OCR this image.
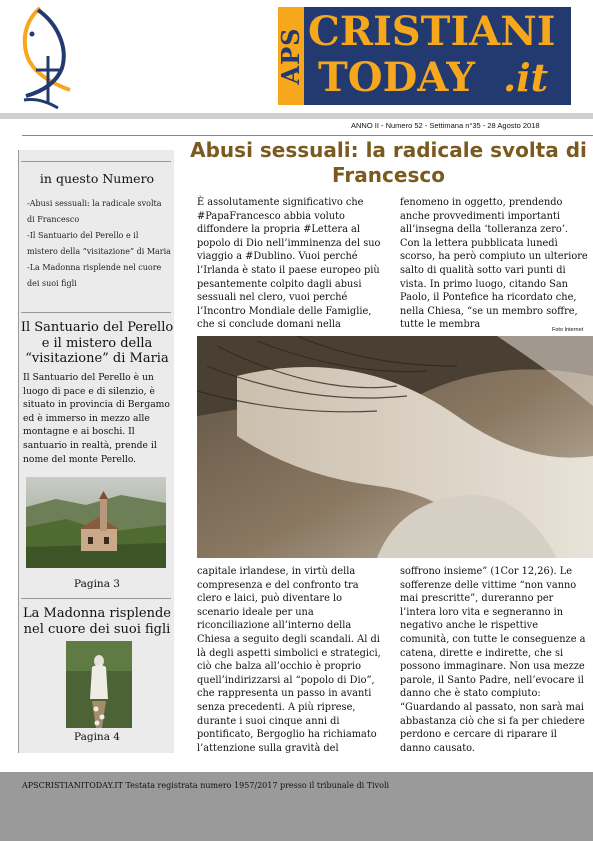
APS CRISTIANI
TODAY .it
ANNO II - Numero 52 - Settimana n°35 - 28 Agosto 2018
in questo Numero
-Abusi sessuali: la radicale svolta di Francesco
-Il Santuario del Perello e il mistero della “visitazione” di Maria
-La Madonna risplende nel cuore dei suoi figli
Il Santuario del Perello e il mistero della “visitazione” di Maria
Il Santuario del Perello è un luogo di pace e di silenzio, è situato in provincia di Bergamo ed è immerso in mezzo alle montagne e ai boschi. Il santuario in realtà, prende il nome del monte Perello.
Pagina 3
La Madonna risplende nel cuore dei suoi figli
Pagina 4
Abusi sessuali: la radicale svolta di Francesco
È assolutamente significativo che #PapaFrancesco abbia voluto diffondere la propria #Lettera al popolo di Dio nell’imminenza del suo viaggio a #Dublino. Vuoi perché l’Irlanda è stato il paese europeo più pesantemente colpito dagli abusi sessuali nel clero, vuoi perché l’Incontro Mondiale delle Famiglie, che si conclude domani nella
fenomeno in oggetto, prendendo anche provvedimenti importanti all’insegna della ‘tolleranza zero’. Con la lettera pubblicata lunedì scorso, ha però compiuto un ulteriore salto di qualità sotto vari punti di vista. In primo luogo, citando San Paolo, il Pontefice ha ricordato che, nella Chiesa, “se un membro soffre, tutte le membra	Foto Internet
capitale irlandese, in virtù della compresenza e del confronto tra clero e laici, può diventare lo scenario ideale per una riconciliazione all’interno della Chiesa a seguito degli scandali. Al di là degli aspetti simbolici e strategici, ciò che balza all’occhio è proprio quell’indirizzarsi al “popolo di Dio”, che rappresenta un passo in avanti senza precedenti. A più riprese, durante i suoi cinque anni di pontificato, Bergoglio ha richiamato l’attenzione sulla gravità del
soffrono insieme” (1Cor 12,26). Le sofferenze delle vittime “non vanno mai prescritte”, dureranno per l’intera loro vita e segneranno in negativo anche le rispettive comunità, con tutte le conseguenze a catena, dirette e indirette, che si possono immaginare. Non usa mezze parole, il Santo Padre, nell’evocare il danno che è stato compiuto: “Guardando al passato, non sarà mai abbastanza ciò che si fa per chiedere perdono e cercare di riparare il danno causato.
APSCRISTIANITODAY.IT Testata registrata numero 1957/2017 presso il tribunale di Tivoli
